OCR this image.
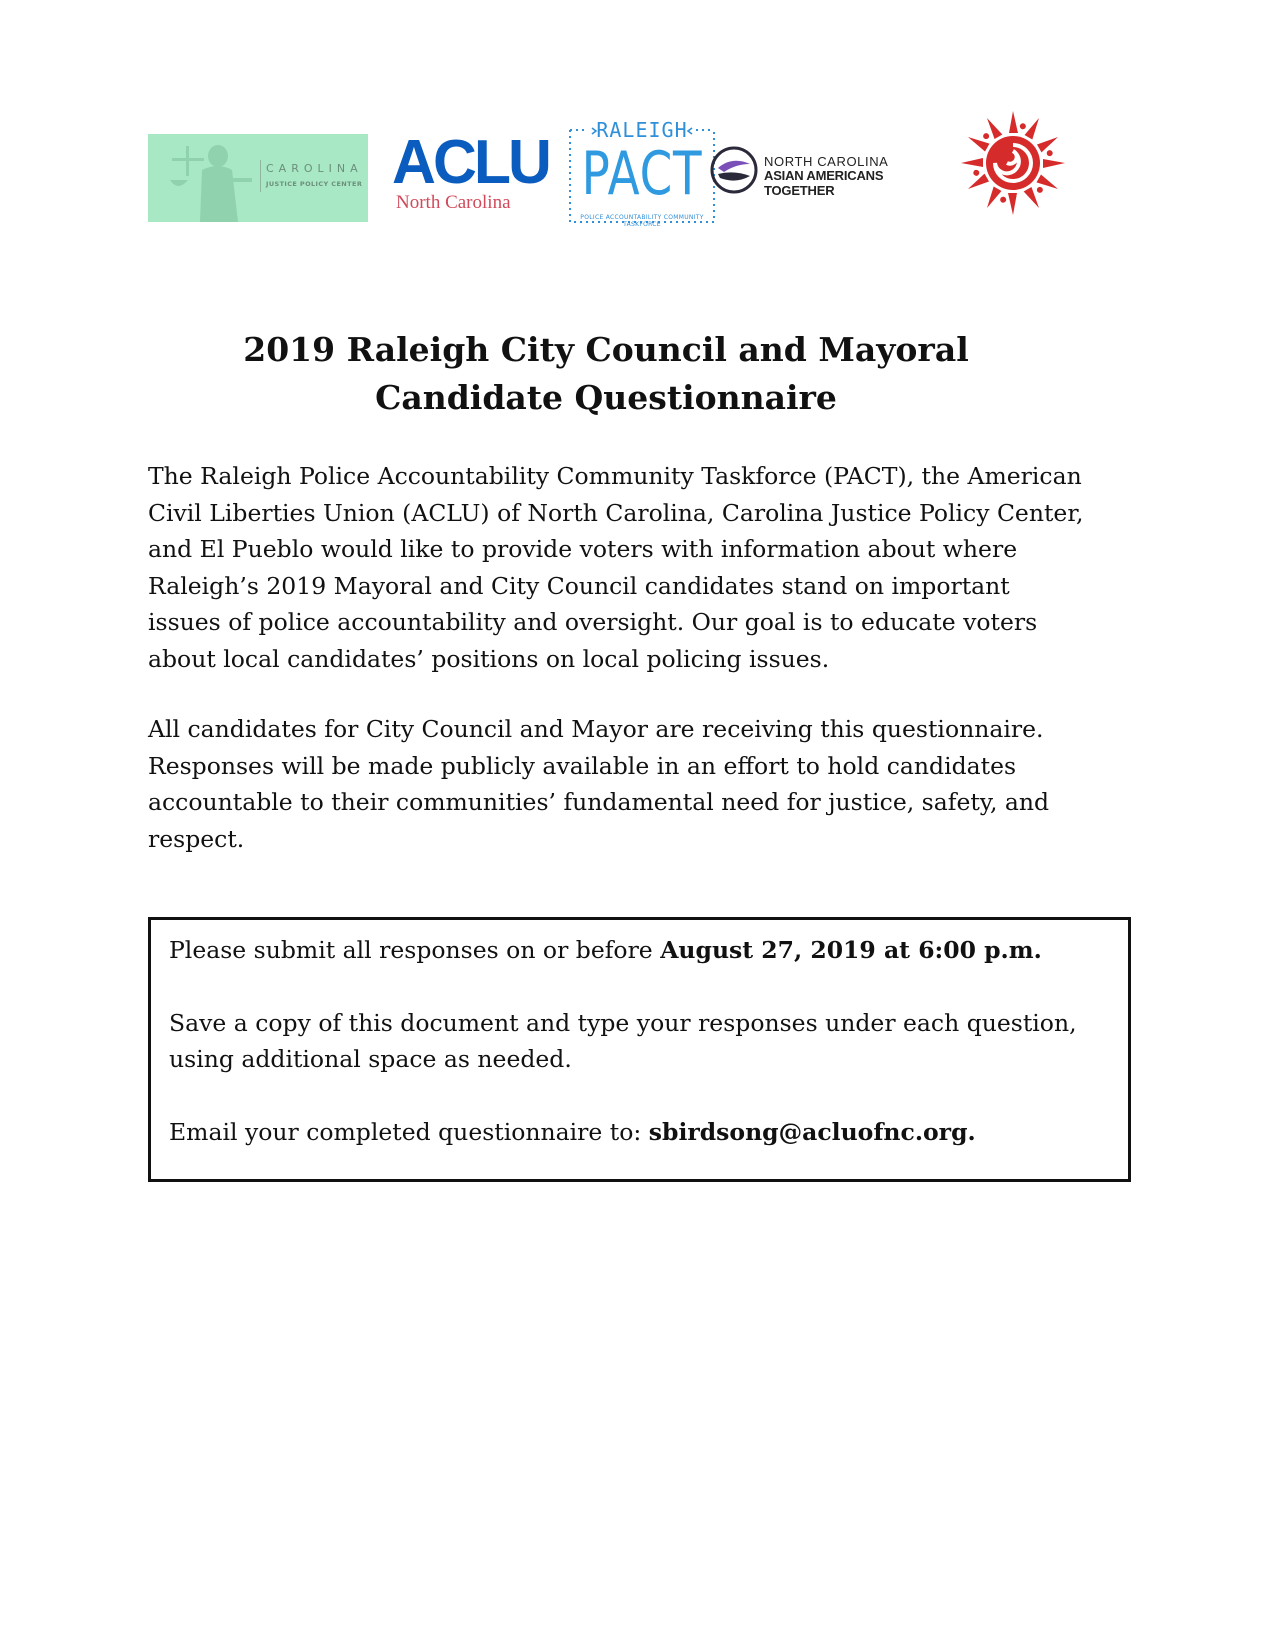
CAROLINA
JUSTICE POLICY CENTER ACLU
North Carolina
RALEIGH
PACT
POLICE ACCOUNTABILITY COMMUNITY TASKFORCE
NORTH CAROLINA
ASIAN AMERICANS TOGETHER
2019 Raleigh City Council and Mayoral
Candidate Questionnaire

The Raleigh Police Accountability Community Taskforce (PACT), the American Civil Liberties Union (ACLU) of North Carolina, Carolina Justice Policy Center, and El Pueblo would like to provide voters with information about where Raleigh’s 2019 Mayoral and City Council candidates stand on important issues of police accountability and oversight. Our goal is to educate voters about local candidates’ positions on local policing issues.

All candidates for City Council and Mayor are receiving this questionnaire. Responses will be made publicly available in an effort to hold candidates accountable to their communities’ fundamental need for justice, safety, and respect.

Please submit all responses on or before August 27, 2019 at 6:00 p.m.

Save a copy of this document and type your responses under each question, using additional space as needed.

Email your completed questionnaire to: sbirdsong@acluofnc.org.
